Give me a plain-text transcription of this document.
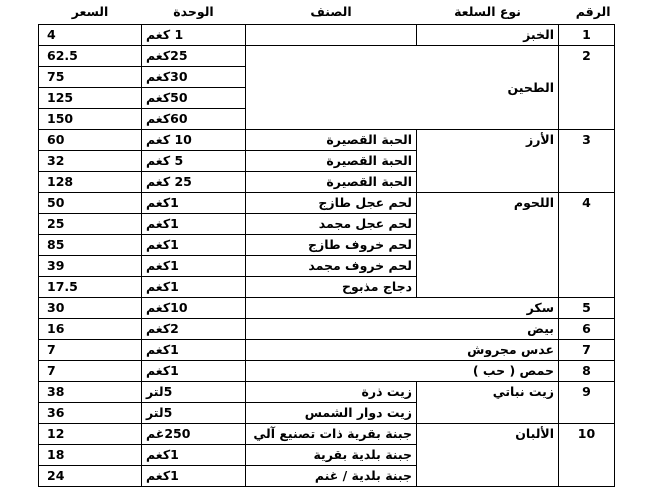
الرقم	نوع السلعة	الصنف	الوحدة	السعر
1	الخبز		1 كغم	4
2	الطحين		25كغم	62.5
			30كغم	75
			50كغم	125
			60كغم	150
3	الأرز	الحبة القصيرة	10 كغم	60
		الحبة القصيرة	5 كغم	32
		الحبة القصيرة	25 كغم	128
4	اللحوم	لحم عجل طازج	1كغم	50
		لحم عجل مجمد	1كغم	25
		لحم خروف طازج	1كغم	85
		لحم خروف مجمد	1كغم	39
		دجاج مذبوح	1كغم	17.5
5	سكر		10كغم	30
6	بيض		2كغم	16
7	عدس مجروش		1كغم	7
8	حمص ( حب )		1كغم	7
9	زيت نباتي	زيت ذرة	5لتر	38
		زيت دوار الشمس	5لتر	36
10	الألبان	جبنة بقرية ذات تصنيع آلي	250غم	12
		جبنة بلدية بقرية	1كغم	18
		جبنة بلدية / غنم	1كغم	24
